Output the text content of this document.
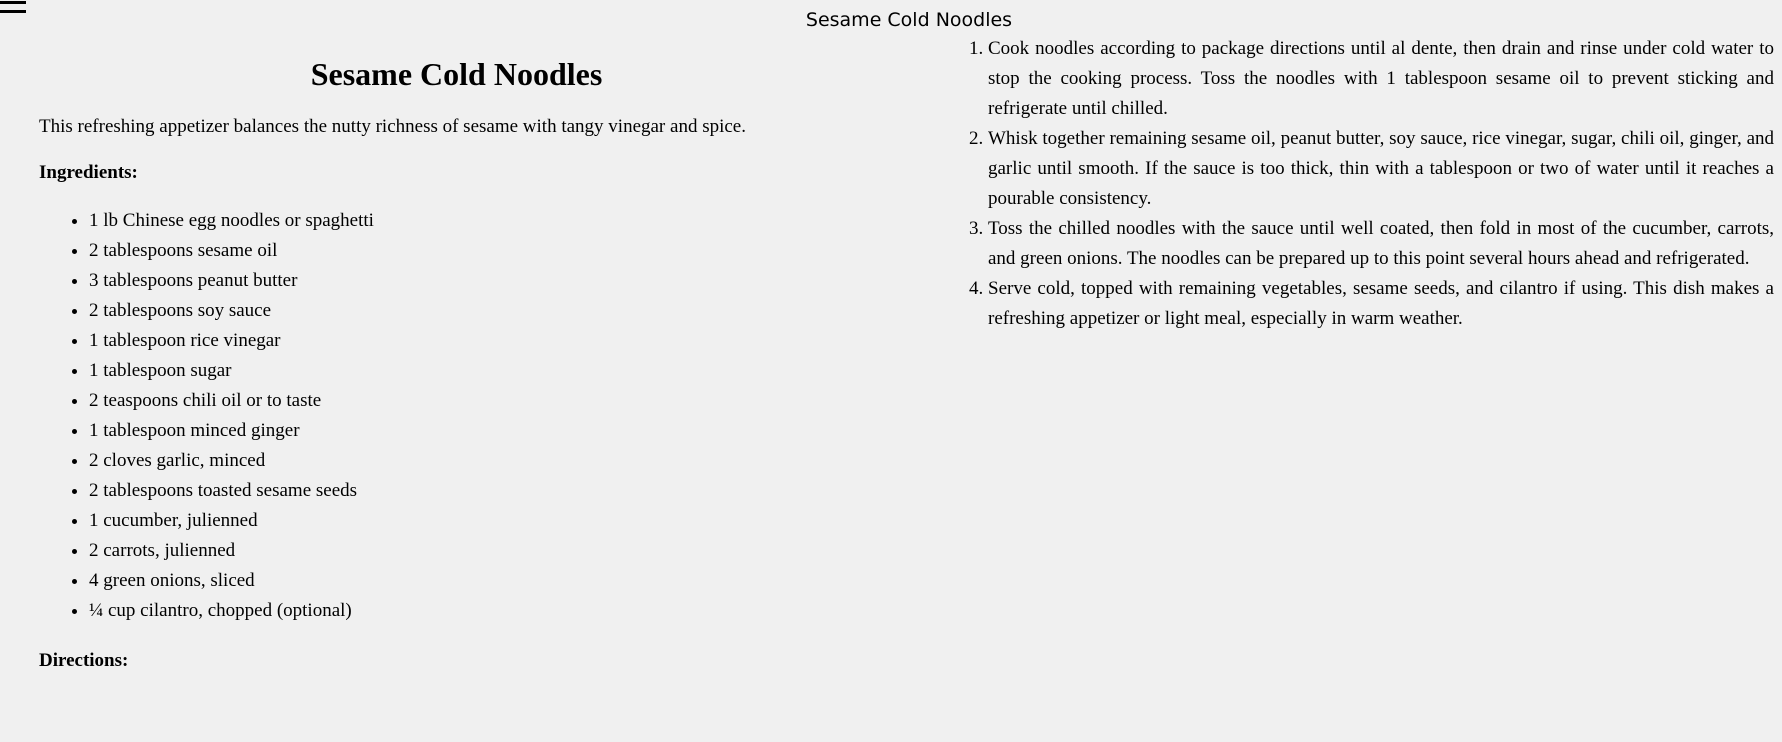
Sesame Cold Noodles
Sesame Cold Noodles

This refreshing appetizer balances the nutty richness of sesame with tangy vinegar and spice.

Ingredients:

• 1 lb Chinese egg noodles or spaghetti
• 2 tablespoons sesame oil
• 3 tablespoons peanut butter
• 2 tablespoons soy sauce
• 1 tablespoon rice vinegar
• 1 tablespoon sugar
• 2 teaspoons chili oil or to taste
• 1 tablespoon minced ginger
• 2 cloves garlic, minced
• 2 tablespoons toasted sesame seeds
• 1 cucumber, julienned
• 2 carrots, julienned
• 4 green onions, sliced
• ¼ cup cilantro, chopped (optional)

Directions:

1. Cook noodles according to package directions until al dente, then drain and rinse under cold water to stop the cooking process. Toss the noodles with 1 tablespoon sesame oil to prevent sticking and refrigerate until chilled.
2. Whisk together remaining sesame oil, peanut butter, soy sauce, rice vinegar, sugar, chili oil, ginger, and garlic until smooth. If the sauce is too thick, thin with a tablespoon or two of water until it reaches a pourable consistency.
3. Toss the chilled noodles with the sauce until well coated, then fold in most of the cucumber, carrots, and green onions. The noodles can be prepared up to this point several hours ahead and refrigerated.
4. Serve cold, topped with remaining vegetables, sesame seeds, and cilantro if using. This dish makes a refreshing appetizer or light meal, especially in warm weather.
